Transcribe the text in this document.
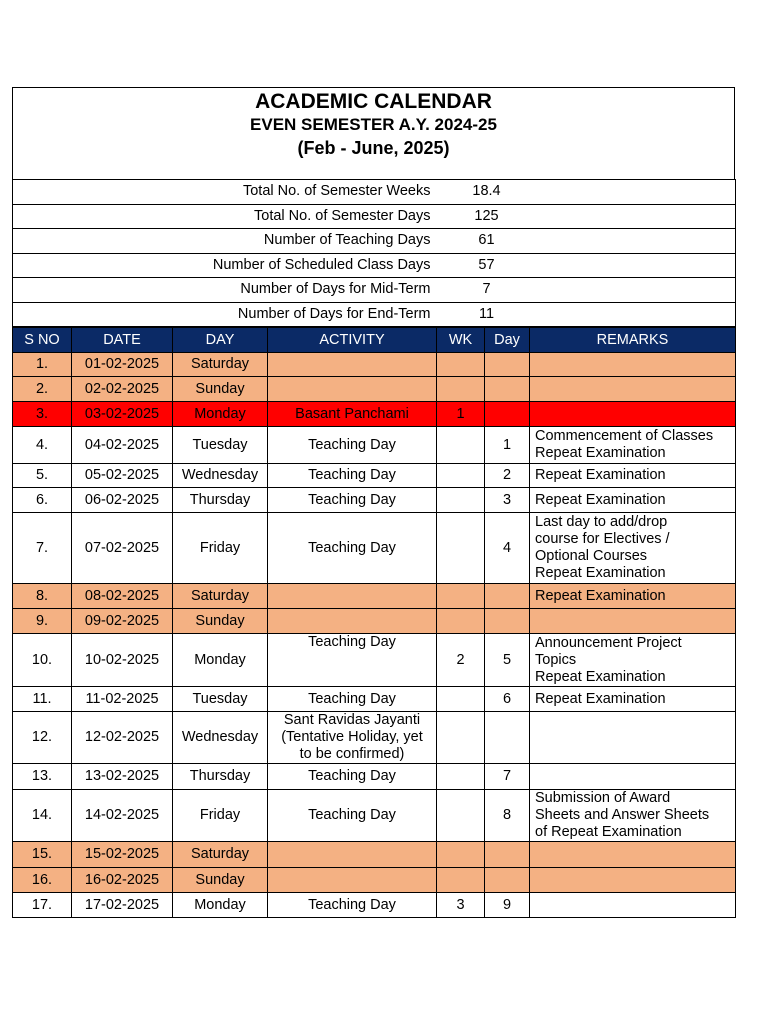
ACADEMIC CALENDAR
EVEN SEMESTER A.Y. 2024-25
(Feb - June, 2025)
Total No. of Semester Weeks	18.4	
Total No. of Semester Days	125	
Number of Teaching Days	61	
Number of Scheduled Class Days	57	
Number of Days for Mid-Term	7	
Number of Days for End-Term	11	
S NO	DATE	DAY	ACTIVITY	WK	Day	REMARKS
1.	01-02-2025	Saturday				
2.	02-02-2025	Sunday				
3.	03-02-2025	Monday	Basant Panchami	1		
4.	04-02-2025	Tuesday	Teaching Day		1	Commencement of Classes
Repeat Examination
5.	05-02-2025	Wednesday	Teaching Day		2	Repeat Examination
6.	06-02-2025	Thursday	Teaching Day		3	Repeat Examination
7.	07-02-2025	Friday	Teaching Day		4	Last day to add/drop
course for Electives /
Optional Courses
Repeat Examination
8.	08-02-2025	Saturday				Repeat Examination
9.	09-02-2025	Sunday				
10.	10-02-2025	Monday	Teaching Day	2	5	Announcement Project
Topics
Repeat Examination
11.	11-02-2025	Tuesday	Teaching Day		6	Repeat Examination
12.	12-02-2025	Wednesday	Sant Ravidas Jayanti
(Tentative Holiday, yet
to be confirmed)			
13.	13-02-2025	Thursday	Teaching Day		7	
14.	14-02-2025	Friday	Teaching Day		8	Submission of Award
Sheets and Answer Sheets
of Repeat Examination
15.	15-02-2025	Saturday				
16.	16-02-2025	Sunday				
17.	17-02-2025	Monday	Teaching Day	3	9	
